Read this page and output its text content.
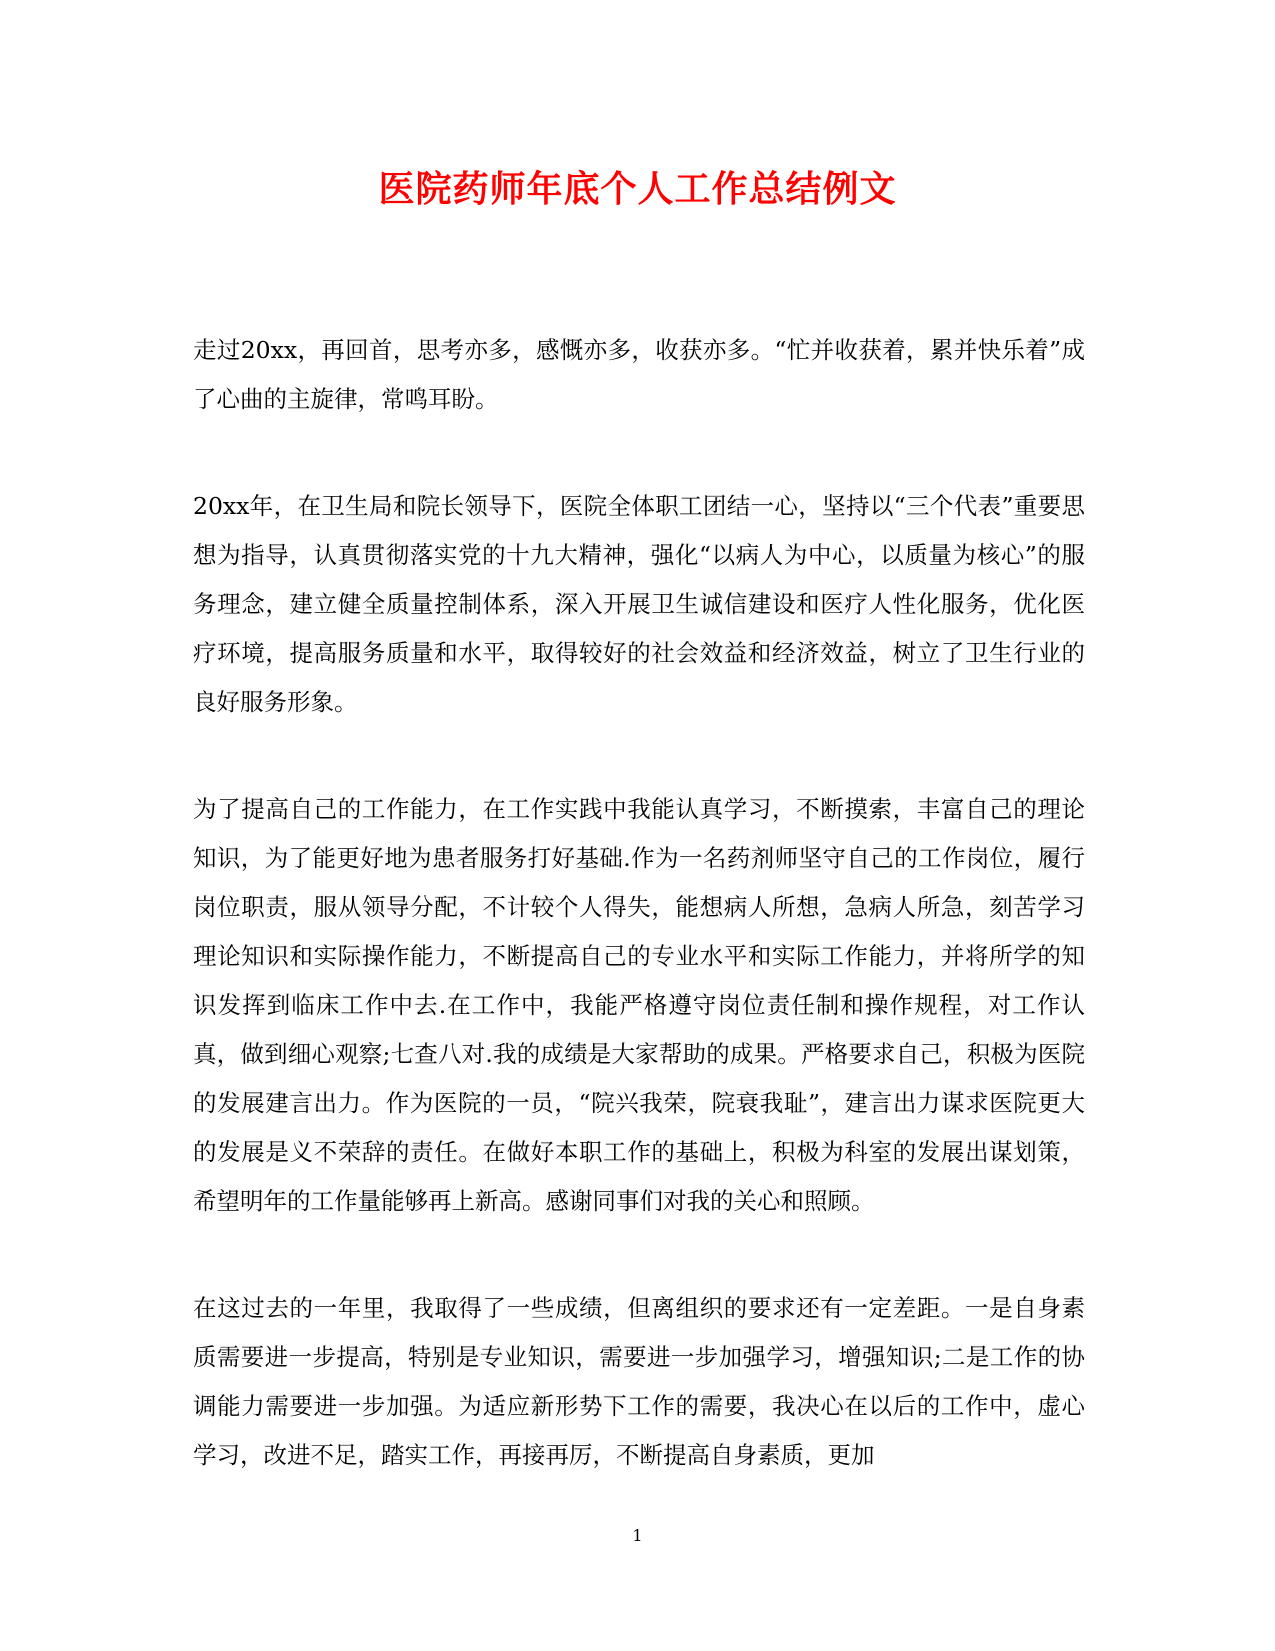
医院药师年底个人工作总结例文

走过20xx，再回首，思考亦多，感慨亦多，收获亦多。“忙并收获着，累并快乐着”成了心曲的主旋律，常鸣耳盼。

20xx年，在卫生局和院长领导下，医院全体职工团结一心，坚持以“三个代表”重要思想为指导，认真贯彻落实党的十九大精神，强化“以病人为中心，以质量为核心”的服务理念，建立健全质量控制体系，深入开展卫生诚信建设和医疗人性化服务，优化医疗环境，提高服务质量和水平，取得较好的社会效益和经济效益，树立了卫生行业的良好服务形象。

为了提高自己的工作能力，在工作实践中我能认真学习，不断摸索，丰富自己的理论知识，为了能更好地为患者服务打好基础.作为一名药剂师坚守自己的工作岗位，履行岗位职责，服从领导分配，不计较个人得失，能想病人所想，急病人所急，刻苦学习理论知识和实际操作能力，不断提高自己的专业水平和实际工作能力，并将所学的知识发挥到临床工作中去.在工作中，我能严格遵守岗位责任制和操作规程，对工作认真，做到细心观察;七查八对.我的成绩是大家帮助的成果。严格要求自己，积极为医院的发展建言出力。作为医院的一员，“院兴我荣，院衰我耻”，建言出力谋求医院更大的发展是义不荣辞的责任。在做好本职工作的基础上，积极为科室的发展出谋划策，希望明年的工作量能够再上新高。感谢同事们对我的关心和照顾。

在这过去的一年里，我取得了一些成绩，但离组织的要求还有一定差距。一是自身素质需要进一步提高，特别是专业知识，需要进一步加强学习，增强知识;二是工作的协调能力需要进一步加强。为适应新形势下工作的需要，我决心在以后的工作中，虚心学习，改进不足，踏实工作，再接再厉，不断提高自身素质，更加

1
